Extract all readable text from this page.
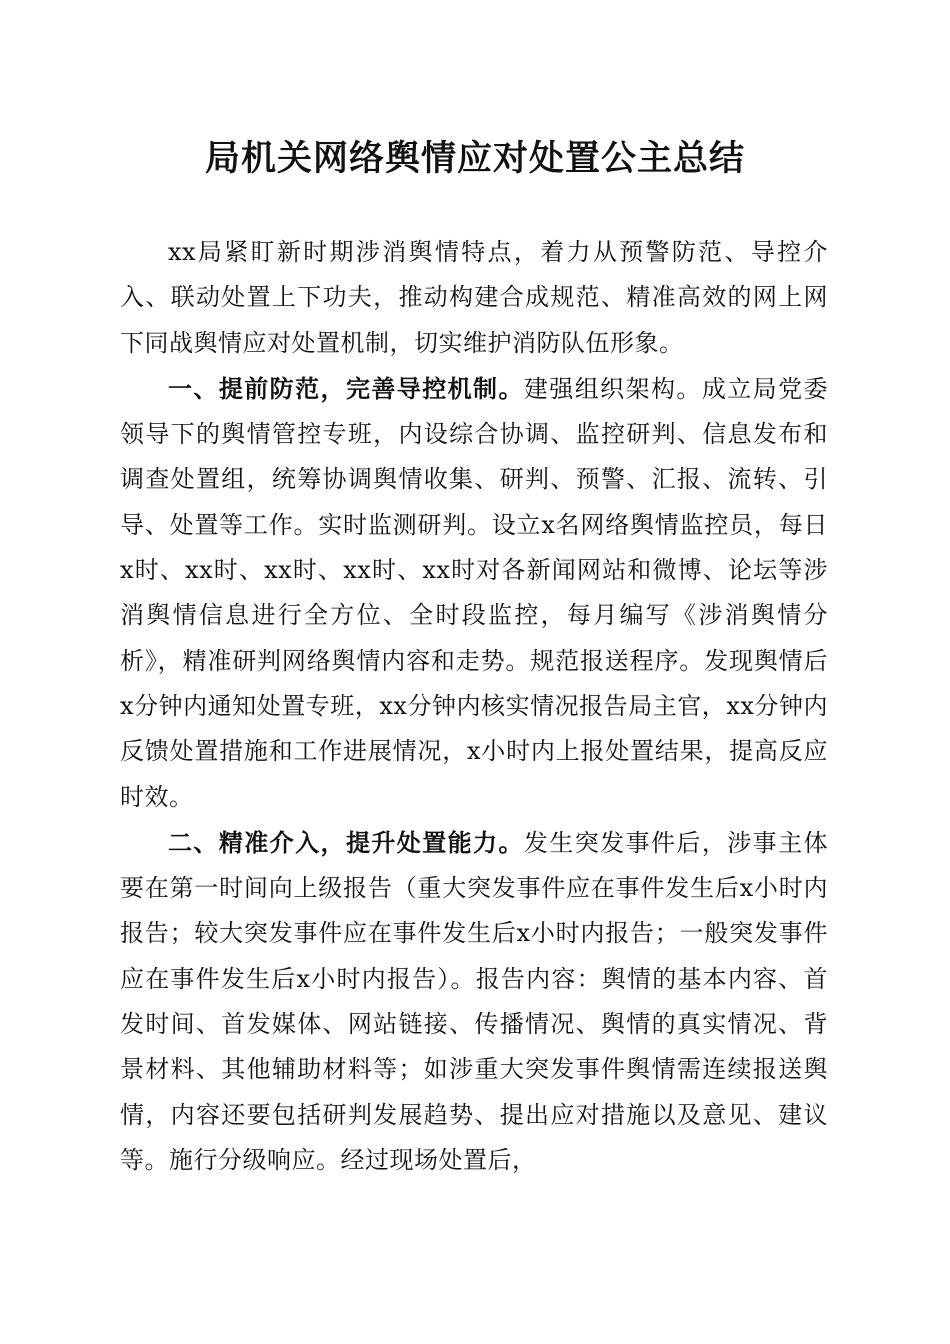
局机关网络舆情应对处置公主总结

xx局紧盯新时期涉消舆情特点，着力从预警防范、导控介入、联动处置上下功夫，推动构建合成规范、精准高效的网上网下同战舆情应对处置机制，切实维护消防队伍形象。

一、提前防范，完善导控机制。建强组织架构。成立局党委领导下的舆情管控专班，内设综合协调、监控研判、信息发布和调查处置组，统筹协调舆情收集、研判、预警、汇报、流转、引导、处置等工作。实时监测研判。设立x名网络舆情监控员，每日x时、xx时、xx时、xx时、xx时对各新闻网站和微博、论坛等涉消舆情信息进行全方位、全时段监控，每月编写《涉消舆情分析》，精准研判网络舆情内容和走势。规范报送程序。发现舆情后x分钟内通知处置专班，xx分钟内核实情况报告局主官，xx分钟内反馈处置措施和工作进展情况，x小时内上报处置结果，提高反应时效。

二、精准介入，提升处置能力。发生突发事件后，涉事主体要在第一时间向上级报告（重大突发事件应在事件发生后x小时内报告；较大突发事件应在事件发生后x小时内报告；一般突发事件应在事件发生后x小时内报告）。报告内容：舆情的基本内容、首发时间、首发媒体、网站链接、传播情况、舆情的真实情况、背景材料、其他辅助材料等；如涉重大突发事件舆情需连续报送舆情，内容还要包括研判发展趋势、提出应对措施以及意见、建议等。施行分级响应。经过现场处置后，
